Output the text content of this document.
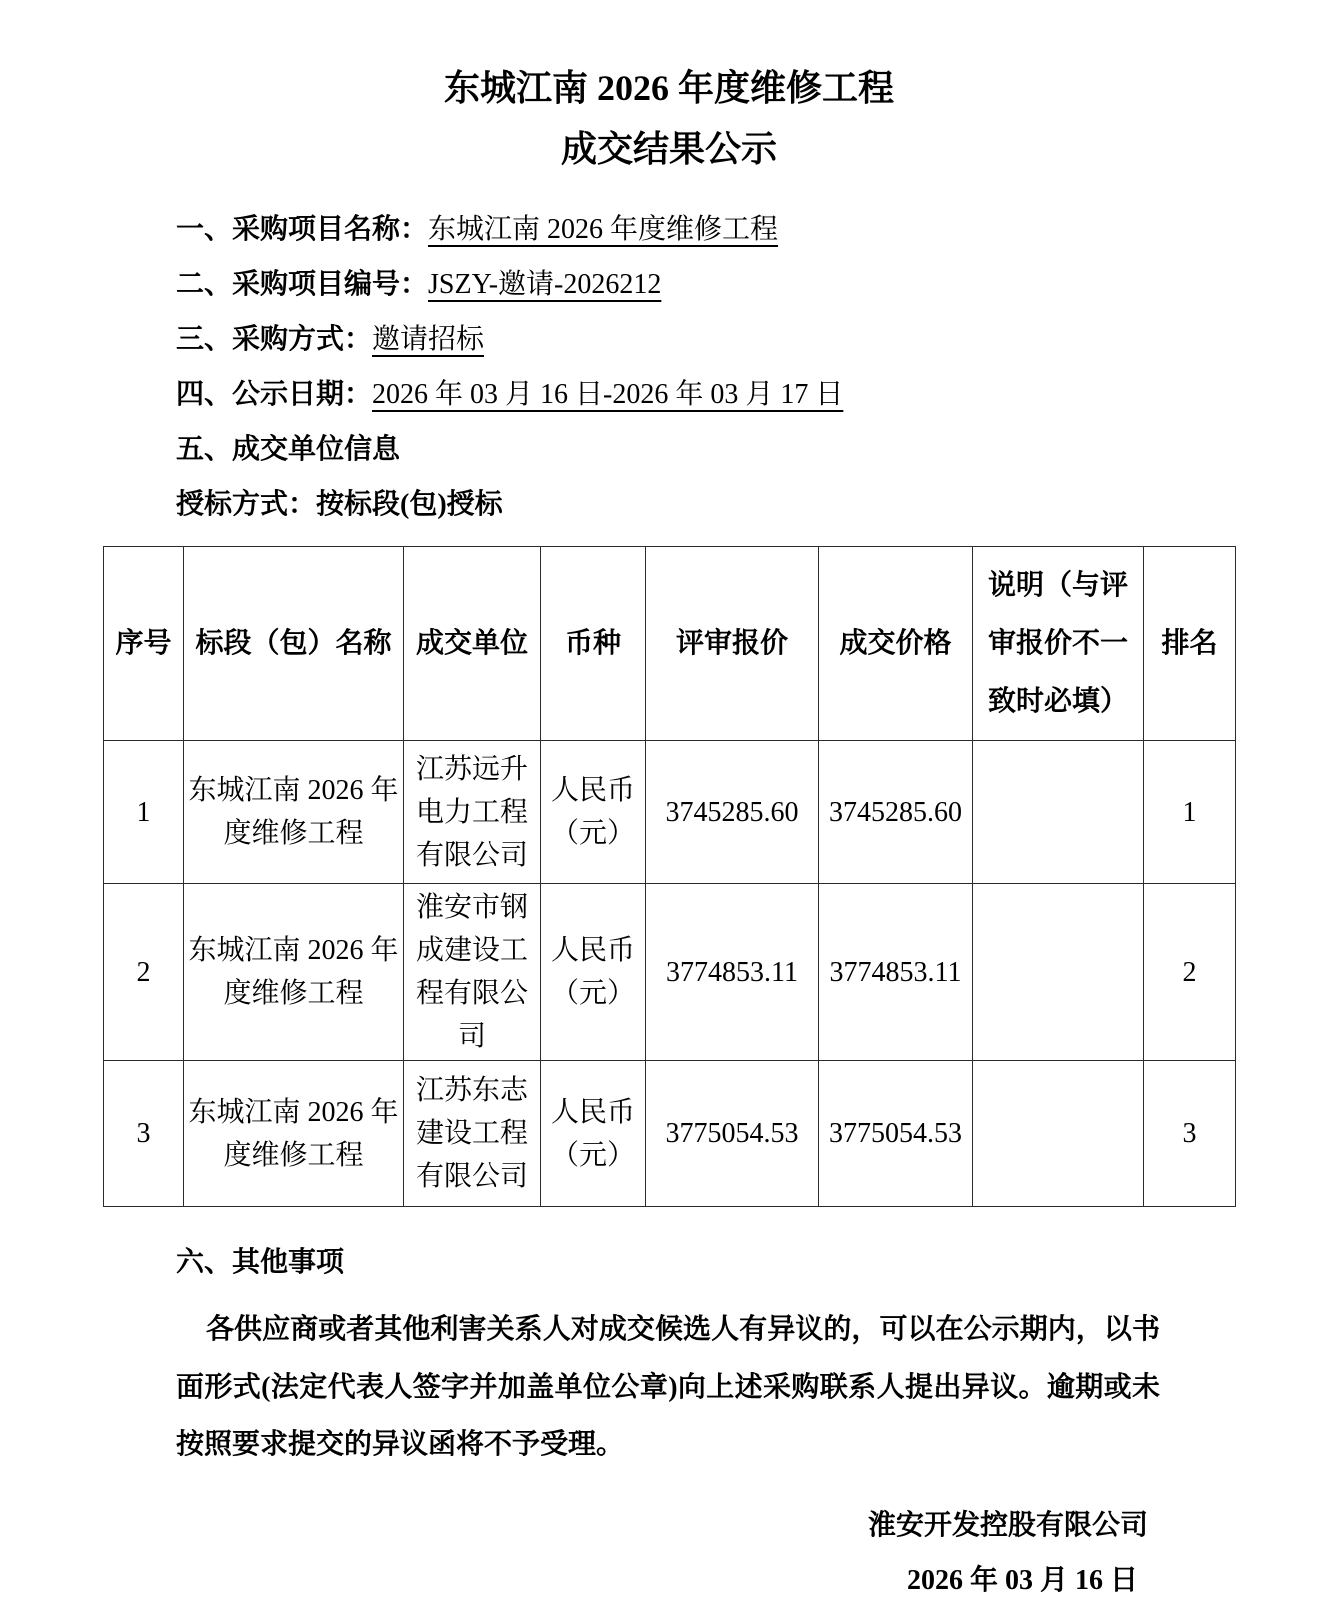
东城江南 2026 年度维修工程
成交结果公示
一、采购项目名称：东城江南 2026 年度维修工程
二、采购项目编号：JSZY-邀请-2026212
三、采购方式：邀请招标
四、公示日期：2026 年 03 月 16 日-2026 年 03 月 17 日
五、成交单位信息
授标方式：按标段(包)授标
序号	标段（包）名称	成交单位	币种	评审报价	成交价格	说明（与评审报价不一致时必填）	排名
1	东城江南 2026 年度维修工程	江苏远升电力工程有限公司	人民币（元）	3745285.60	3745285.60		1
2	东城江南 2026 年度维修工程	淮安市钢成建设工程有限公司	人民币（元）	3774853.11	3774853.11		2
3	东城江南 2026 年度维修工程	江苏东志建设工程有限公司	人民币（元）	3775054.53	3775054.53		3
六、其他事项
各供应商或者其他利害关系人对成交候选人有异议的，可以在公示期内，以书面形式(法定代表人签字并加盖单位公章)向上述采购联系人提出异议。逾期或未按照要求提交的异议函将不予受理。
淮安开发控股有限公司
2026 年 03 月 16 日
